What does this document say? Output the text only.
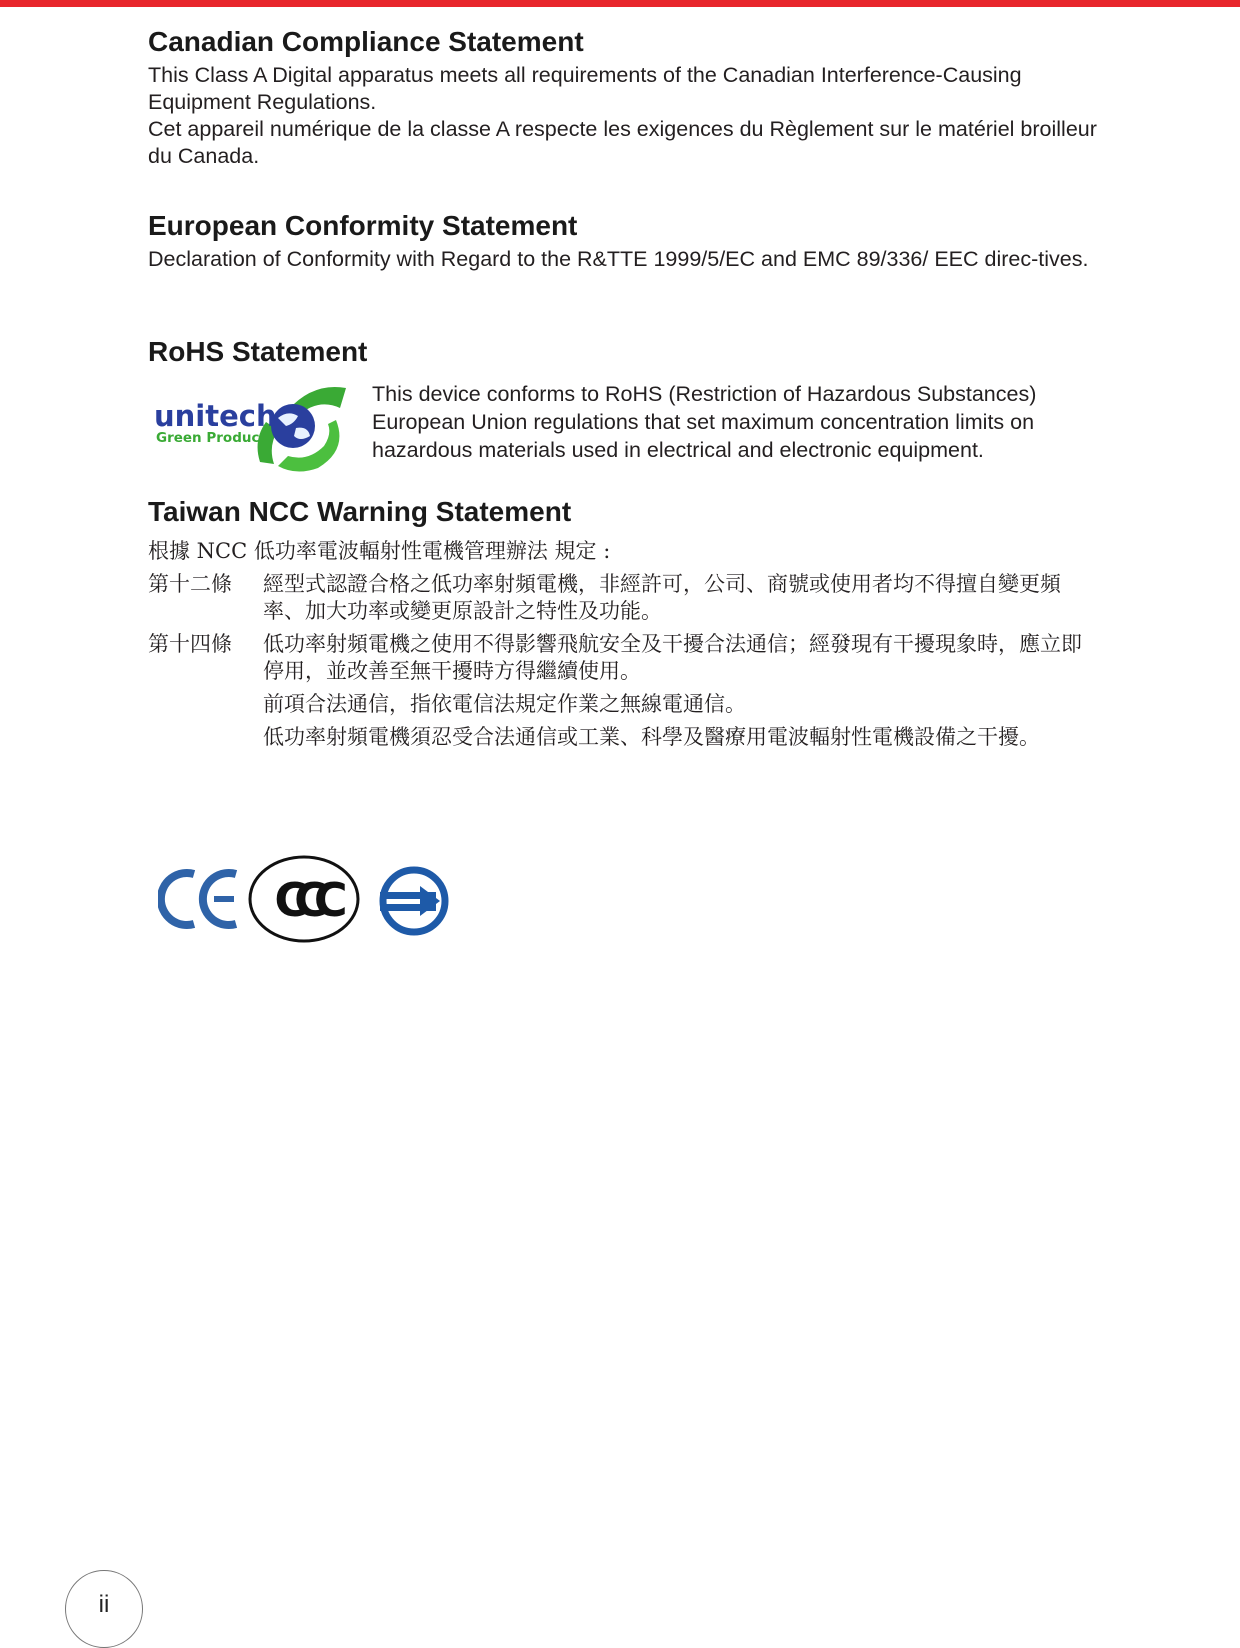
Canadian Compliance Statement

This Class A Digital apparatus meets all requirements of the Canadian Interference-Causing Equipment Regulations.

Cet appareil numérique de la classe A respecte les exigences du Règlement sur le matériel broilleur du Canada.

European Conformity Statement

Declaration of Conformity with Regard to the R&TTE 1999/5/EC and EMC 89/336/ EEC direc-tives.

RoHS Statement
unitech
Green Product

This device conforms to RoHS (Restriction of Hazardous Substances) European Union regulations that set maximum concentration limits on hazardous materials used in electrical and electronic equipment.

Taiwan NCC Warning Statement
根據 NCC 低功率電波輻射性電機管理辦法 規定 :
第十二條	經型式認證合格之低功率射頻電機，非經許可，公司、商號或使用者均不得擅自變更頻率、加大功率或變更原設計之特性及功能。
第十四條	低功率射頻電機之使用不得影響飛航安全及干擾合法通信；經發現有干擾現象時，應立即停用，並改善至無干擾時方得繼續使用。
前項合法通信，指依電信法規定作業之無線電通信。
低功率射頻電機須忍受合法通信或工業、科學及醫療用電波輻射性電機設備之干擾。
CCC
ii
